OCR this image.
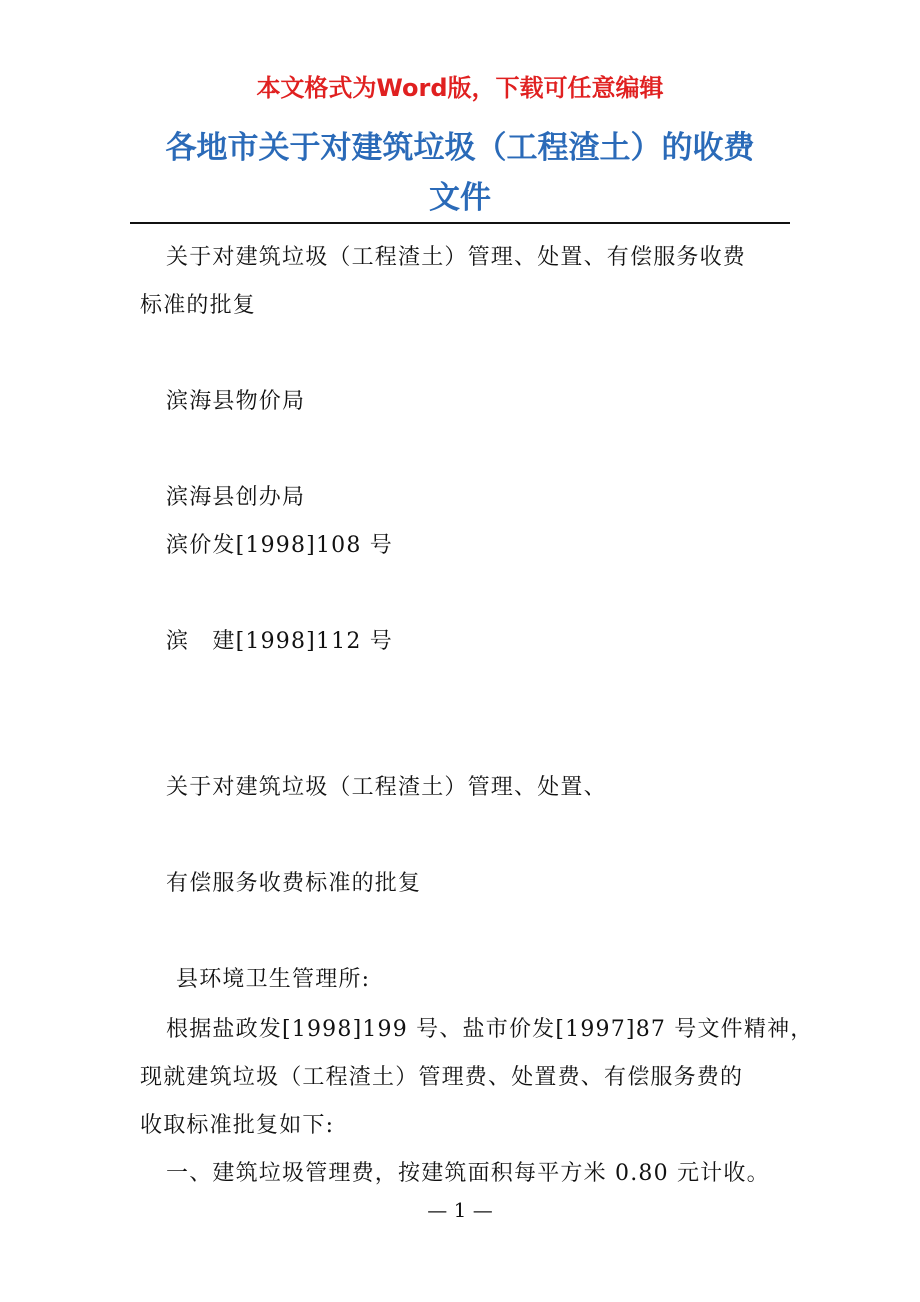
本文格式为Word版，下载可任意编辑
各地市关于对建筑垃圾（工程渣土）的收费
文件
关于对建筑垃圾（工程渣土）管理、处置、有偿服务收费
标准的批复
滨海县物价局
滨海县创办局
滨价发[1998]108 号
滨　建[1998]112 号
关于对建筑垃圾（工程渣土）管理、处置、
有偿服务收费标准的批复
县环境卫生管理所:
根据盐政发[1998]199 号、盐市价发[1997]87 号文件精神，
现就建筑垃圾（工程渣土）管理费、处置费、有偿服务费的
收取标准批复如下:
一、建筑垃圾管理费，按建筑面积每平方米 0.80 元计收。
— 1 —
